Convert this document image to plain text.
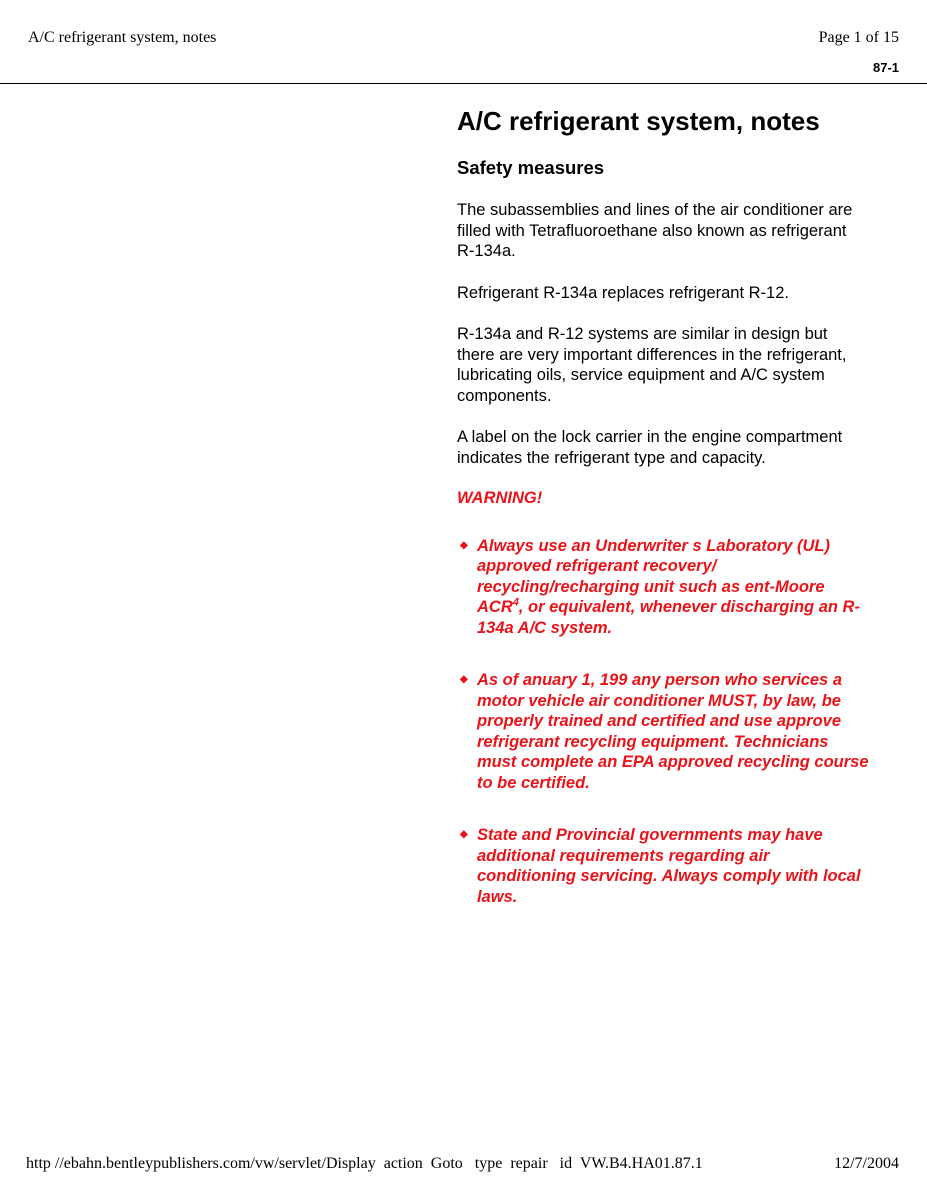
A/C refrigerant system, notes	Page 1 of 15
87-1
A/C refrigerant system, notes
Safety measures

The subassemblies and lines of the air conditioner are filled with Tetrafluoroethane also known as refrigerant R-134a.

Refrigerant R-134a replaces refrigerant R-12.

R-134a and R-12 systems are similar in design but there are very important differences in the refrigerant, lubricating oils, service equipment and A/C system components.

A label on the lock carrier in the engine compartment indicates the refrigerant type and capacity.

WARNING!
◆ Always use an Underwriter s Laboratory (UL) approved refrigerant recovery/ recycling/recharging unit such as ent-Moore ACR$^4$, or equivalent, whenever discharging an R-134a A/C system.
◆ As of anuary 1, 199 any person who services a motor vehicle air conditioner MUST, by law, be properly trained and certified and use approve refrigerant recycling equipment. Technicians must complete an EPA approved recycling course to be certified.
◆ State and Provincial governments may have additional requirements regarding air conditioning servicing. Always comply with local laws.
http //ebahn.bentleypublishers.com/vw/servlet/Display  action  Goto   type  repair   id  VW.B4.HA01.87.1	12/7/2004
